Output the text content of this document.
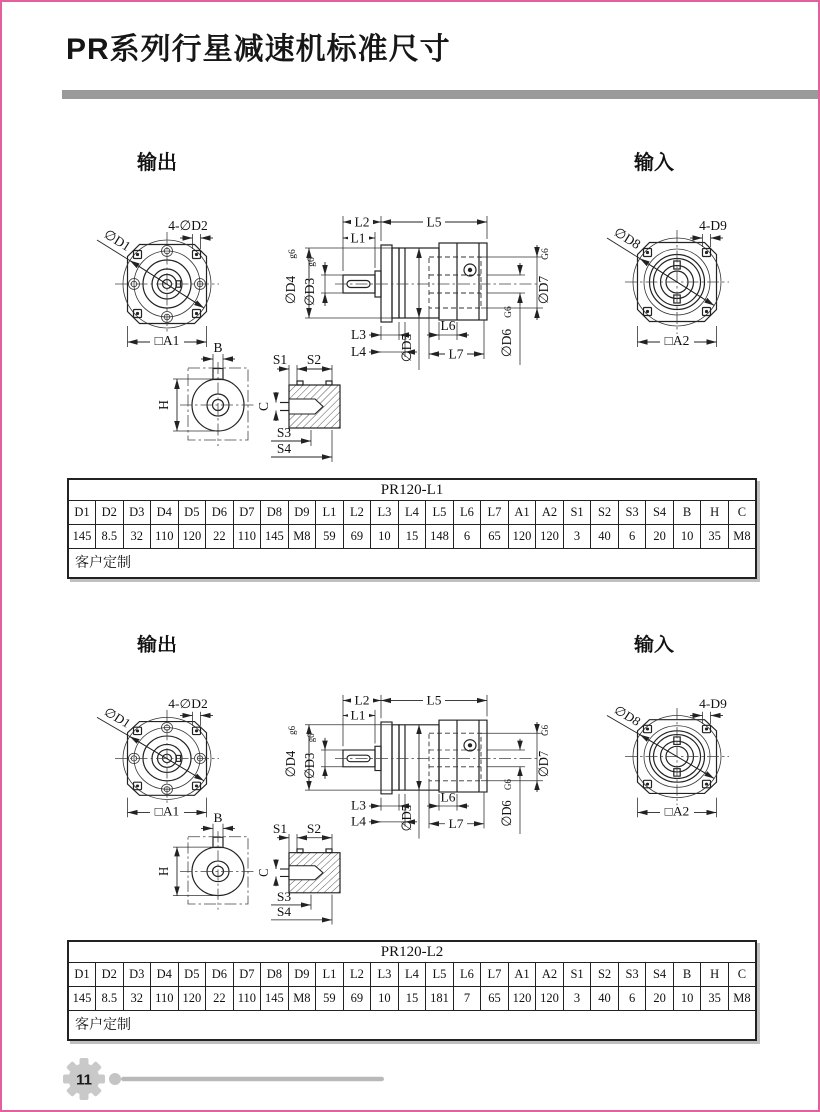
PR系列行星减速机标准尺寸
输出	输入
∅D1
4-∅D2
□A1
L2	L5
L1
∅D4
g6
∅D3
g6
L3
L4 ∅D5
L6
L7	∅D6
G6
∅D7
G6
∅D8	4-D9
□A2
H
B
C
S1 S2
S3
S4
PR120-L1																								
D1	D2	D3	D4	D5	D6	D7	D8	D9	L1	L2	L3	L4	L5	L6	L7	A1	A2	S1	S2	S3	S4	B	H	C
145	8.5	32	110	120	22	110	145	M8	59	69	10	15	148	6	65	120	120	3	40	6	20	10	35	M8
客户定制																								
输出	输入
∅D1
4-∅D2
□A1
L2	L5
L1
∅D4
g6
∅D3
g6
L3
L4 ∅D5
L6
L7	∅D6
G6
∅D7
G6
∅D8	4-D9
□A2
H
B
C
S1 S2
S3
S4
PR120-L2																								
D1	D2	D3	D4	D5	D6	D7	D8	D9	L1	L2	L3	L4	L5	L6	L7	A1	A2	S1	S2	S3	S4	B	H	C
145	8.5	32	110	120	22	110	145	M8	59	69	10	15	181	7	65	120	120	3	40	6	20	10	35	M8
客户定制																								
11
